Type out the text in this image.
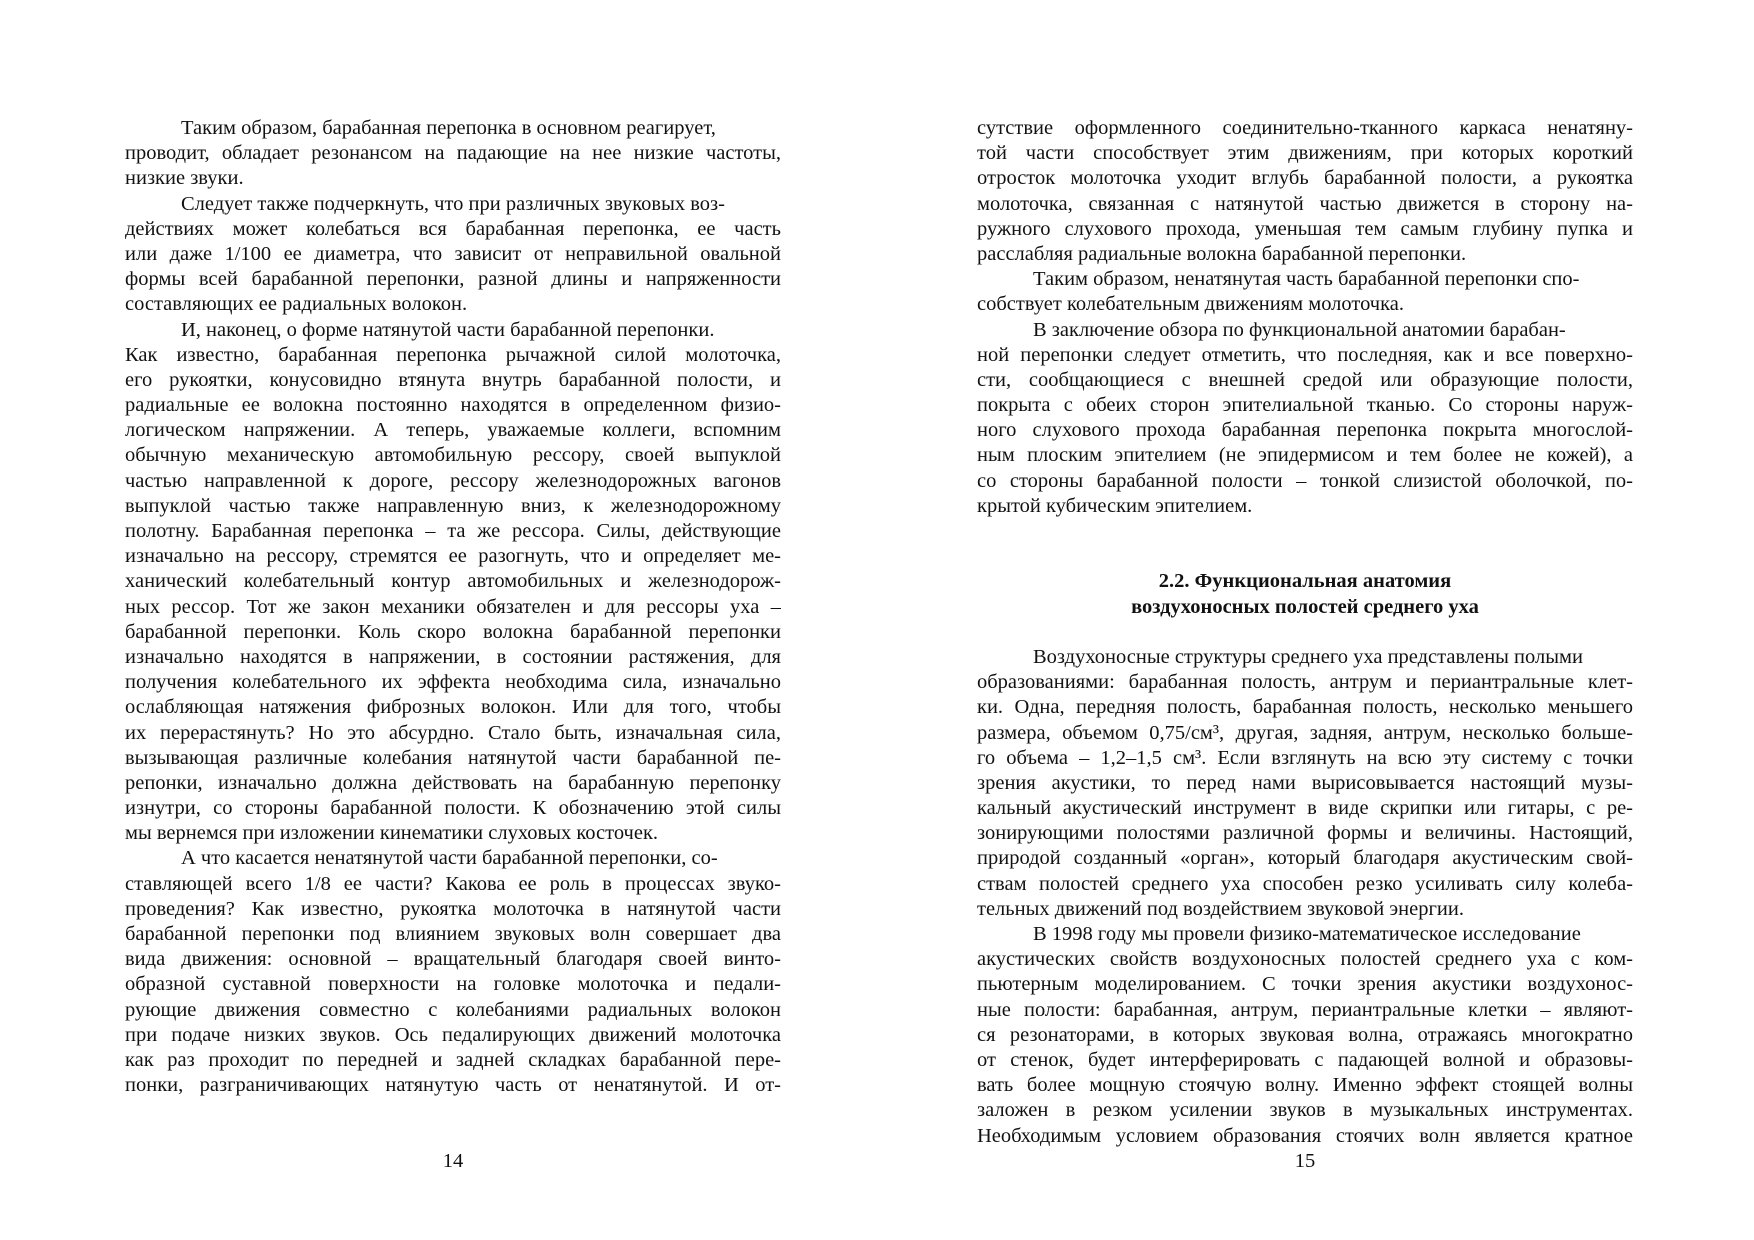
Таким образом, барабанная перепонка в основном реагирует,
проводит, обладает резонансом на падающие на нее низкие частоты,
низкие звуки.
Следует также подчеркнуть, что при различных звуковых воз-
действиях может колебаться вся барабанная перепонка, ее часть
или даже 1/100 ее диаметра, что зависит от неправильной овальной
формы всей барабанной перепонки, разной длины и напряженности
составляющих ее радиальных волокон.
И, наконец, о форме натянутой части барабанной перепонки.
Как известно, барабанная перепонка рычажной силой молоточка,
его рукоятки, конусовидно втянута внутрь барабанной полости, и
радиальные ее волокна постоянно находятся в определенном физио-
логическом напряжении. А теперь, уважаемые коллеги, вспомним
обычную механическую автомобильную рессору, своей выпуклой
частью направленной к дороге, рессору железнодорожных вагонов
выпуклой частью также направленную вниз, к железнодорожному
полотну. Барабанная перепонка – та же рессора. Силы, действующие
изначально на рессору, стремятся ее разогнуть, что и определяет ме-
ханический колебательный контур автомобильных и железнодорож-
ных рессор. Тот же закон механики обязателен и для рессоры уха –
барабанной перепонки. Коль скоро волокна барабанной перепонки
изначально находятся в напряжении, в состоянии растяжения, для
получения колебательного их эффекта необходима сила, изначально
ослабляющая натяжения фиброзных волокон. Или для того, чтобы
их перерастянуть? Но это абсурдно. Стало быть, изначальная сила,
вызывающая различные колебания натянутой части барабанной пе-
репонки, изначально должна действовать на барабанную перепонку
изнутри, со стороны барабанной полости. К обозначению этой силы
мы вернемся при изложении кинематики слуховых косточек.
А что касается ненатянутой части барабанной перепонки, со-
ставляющей всего 1/8 ее части? Какова ее роль в процессах звуко-
проведения? Как известно, рукоятка молоточка в натянутой части
барабанной перепонки под влиянием звуковых волн совершает два
вида движения: основной – вращательный благодаря своей винто-
образной суставной поверхности на головке молоточка и педали-
рующие движения совместно с колебаниями радиальных волокон
при подаче низких звуков. Ось педалирующих движений молоточка
как раз проходит по передней и задней складках барабанной пере-
понки, разграничивающих натянутую часть от ненатянутой. И от-
14
сутствие оформленного соединительно-тканного каркаса ненатяну-
той части способствует этим движениям, при которых короткий
отросток молоточка уходит вглубь барабанной полости, а рукоятка
молоточка, связанная с натянутой частью движется в сторону на-
ружного слухового прохода, уменьшая тем самым глубину пупка и
расслабляя радиальные волокна барабанной перепонки.
Таким образом, ненатянутая часть барабанной перепонки спо-
собствует колебательным движениям молоточка.
В заключение обзора по функциональной анатомии барабан-
ной перепонки следует отметить, что последняя, как и все поверхно-
сти, сообщающиеся с внешней средой или образующие полости,
покрыта с обеих сторон эпителиальной тканью. Со стороны наруж-
ного слухового прохода барабанная перепонка покрыта многослой-
ным плоским эпителием (не эпидермисом и тем более не кожей), а
со стороны барабанной полости – тонкой слизистой оболочкой, по-
крытой кубическим эпителием.
2.2. Функциональная анатомия
воздухоносных полостей среднего уха
Воздухоносные структуры среднего уха представлены полыми
образованиями: барабанная полость, антрум и периантральные клет-
ки. Одна, передняя полость, барабанная полость, несколько меньшего
размера, объемом 0,75/см³, другая, задняя, антрум, несколько больше-
го объема – 1,2–1,5 см³. Если взглянуть на всю эту систему с точки
зрения акустики, то перед нами вырисовывается настоящий музы-
кальный акустический инструмент в виде скрипки или гитары, с ре-
зонирующими полостями различной формы и величины. Настоящий,
природой созданный «орган», который благодаря акустическим свой-
ствам полостей среднего уха способен резко усиливать силу колеба-
тельных движений под воздействием звуковой энергии.
В 1998 году мы провели физико-математическое исследование
акустических свойств воздухоносных полостей среднего уха с ком-
пьютерным моделированием. С точки зрения акустики воздухонос-
ные полости: барабанная, антрум, периантральные клетки – являют-
ся резонаторами, в которых звуковая волна, отражаясь многократно
от стенок, будет интерферировать с падающей волной и образовы-
вать более мощную стоячую волну. Именно эффект стоящей волны
заложен в резком усилении звуков в музыкальных инструментах.
Необходимым условием образования стоячих волн является кратное
15
